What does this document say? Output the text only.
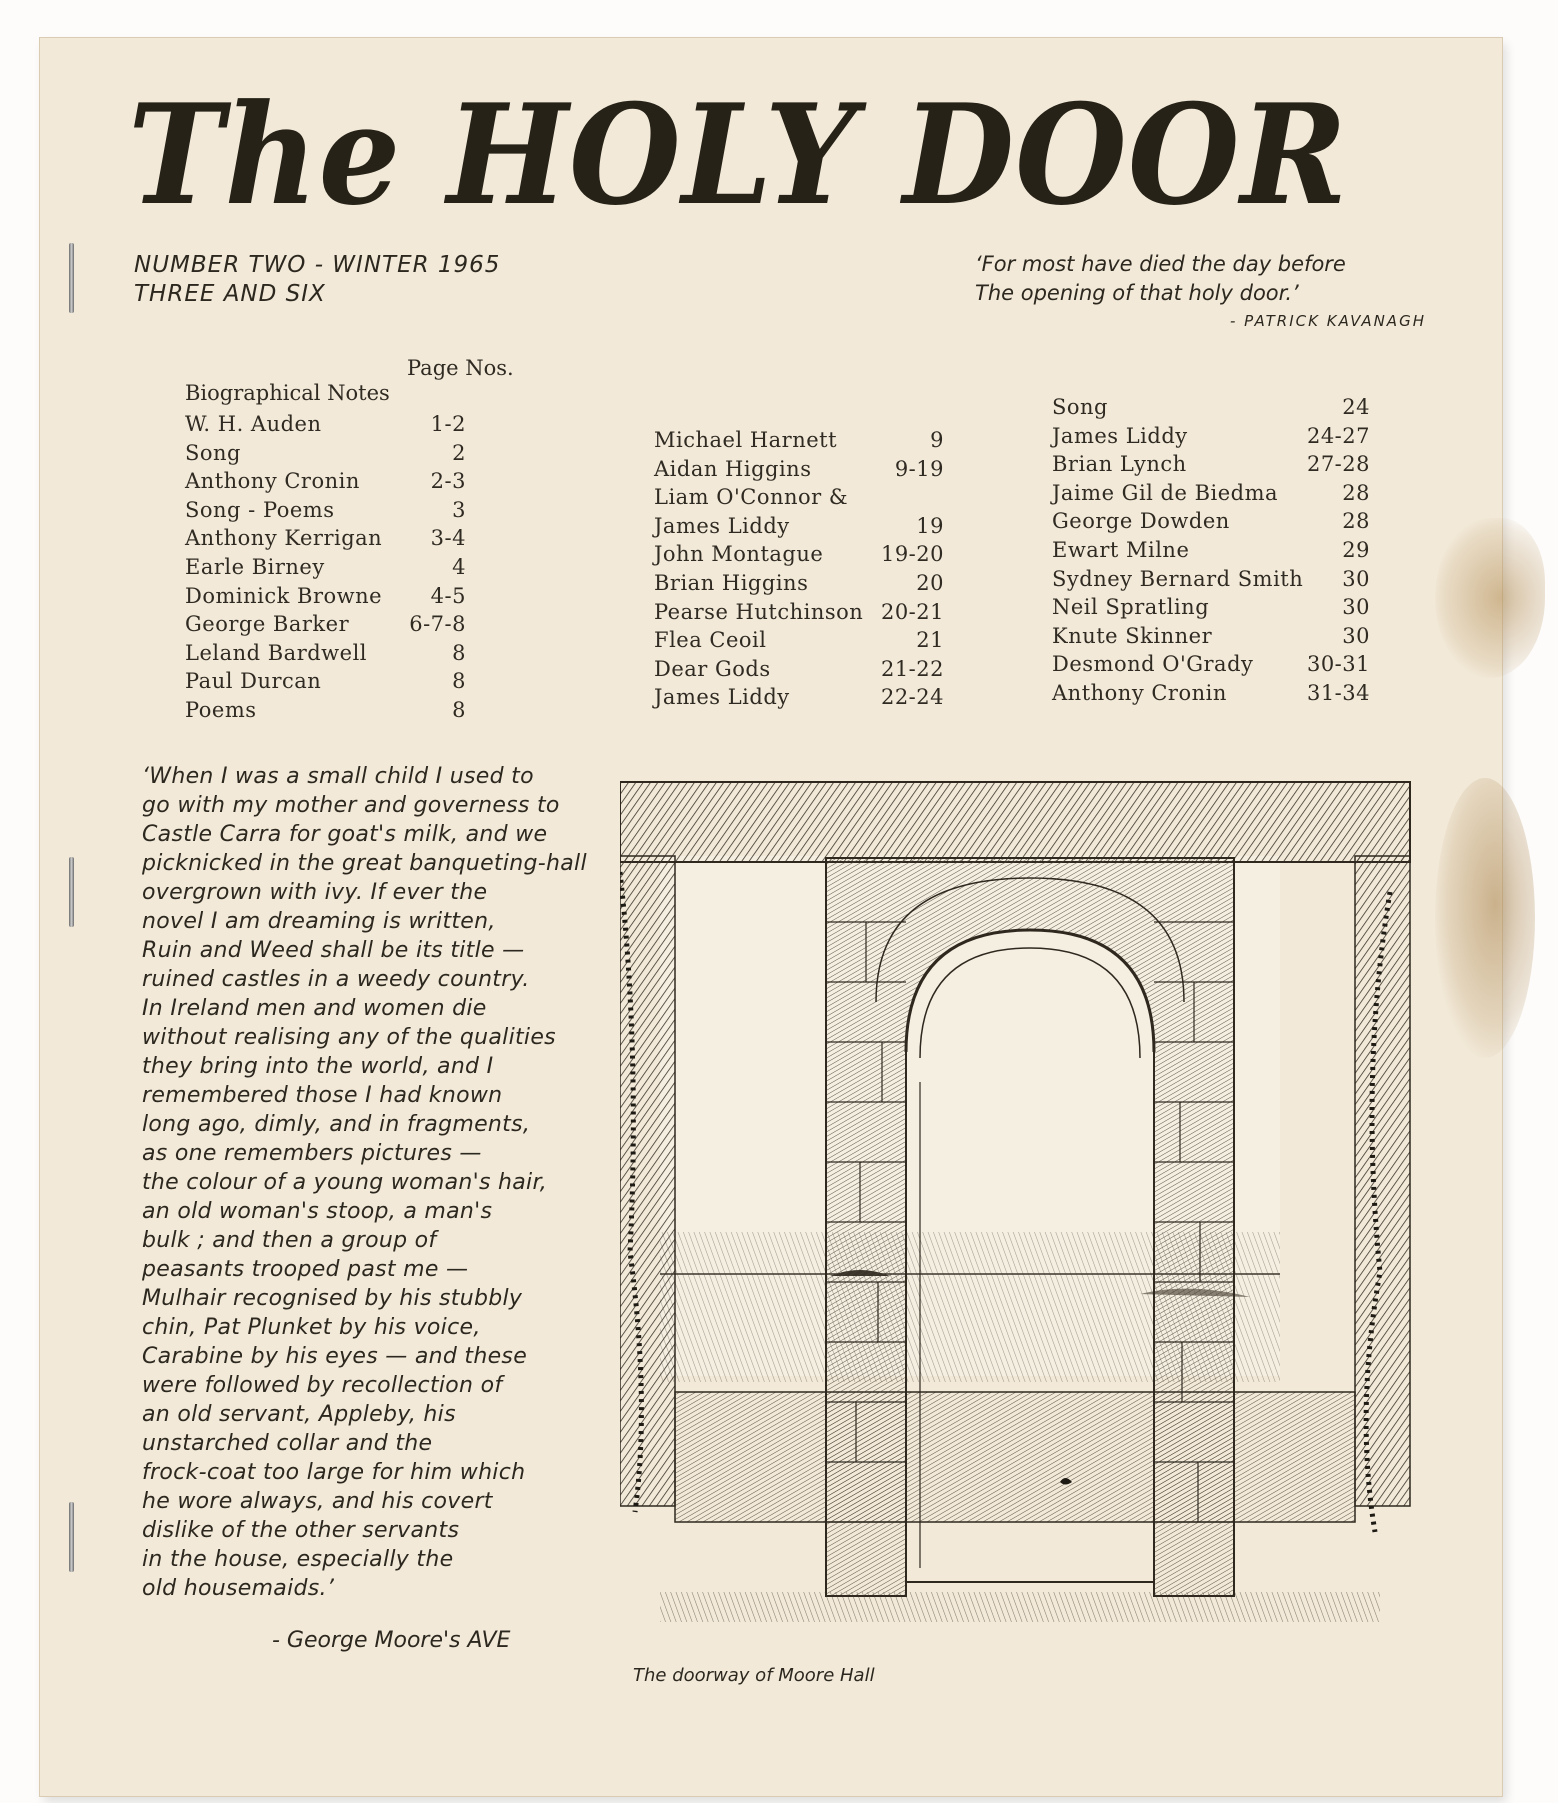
The HOLY DOOR
NUMBER TWO - WINTER 1965
THREE AND SIX
‘For most have died the day before
The opening of that holy door.’
- PATRICK KAVANAGH
Page Nos.
Biographical Notes
W. H. Auden	1-2
Song	2
Anthony Cronin	2-3
Song - Poems	3
Anthony Kerrigan 3-4
Earle Birney	4
Dominick Browne 4-5
George Barker	6-7-8
Leland Bardwell	8
Paul Durcan	8
Poems	8
Michael Harnett	9
Aidan Higgins	9-19
Liam O'Connor &
James Liddy	19
John Montague	19-20
Brian Higgins	20
Pearse Hutchinson 20-21
Flea Ceoil	21
Dear Gods	21-22
James Liddy	22-24
Song	24
James Liddy	24-27
Brian Lynch	27-28
Jaime Gil de Biedma	28
George Dowden	28
Ewart Milne	29
Sydney Bernard Smith 30
Neil Spratling	30
Knute Skinner	30
Desmond O'Grady	30-31
Anthony Cronin	31-34
‘When I was a small child I used to
go with my mother and governess to
Castle Carra for goat's milk, and we
picknicked in the great banqueting-hall
overgrown with ivy. If ever the
novel I am dreaming is written,
Ruin and Weed shall be its title —
ruined castles in a weedy country.
In Ireland men and women die
without realising any of the qualities
they bring into the world, and I
remembered those I had known
long ago, dimly, and in fragments,
as one remembers pictures —
the colour of a young woman's hair,
an old woman's stoop, a man's
bulk ; and then a group of
peasants trooped past me —
Mulhair recognised by his stubbly
chin, Pat Plunket by his voice,
Carabine by his eyes — and these
were followed by recollection of
an old servant, Appleby, his
unstarched collar and the
frock-coat too large for him which
he wore always, and his covert
dislike of the other servants
in the house, especially the
old housemaids.’
- George Moore's AVE
The doorway of Moore Hall
